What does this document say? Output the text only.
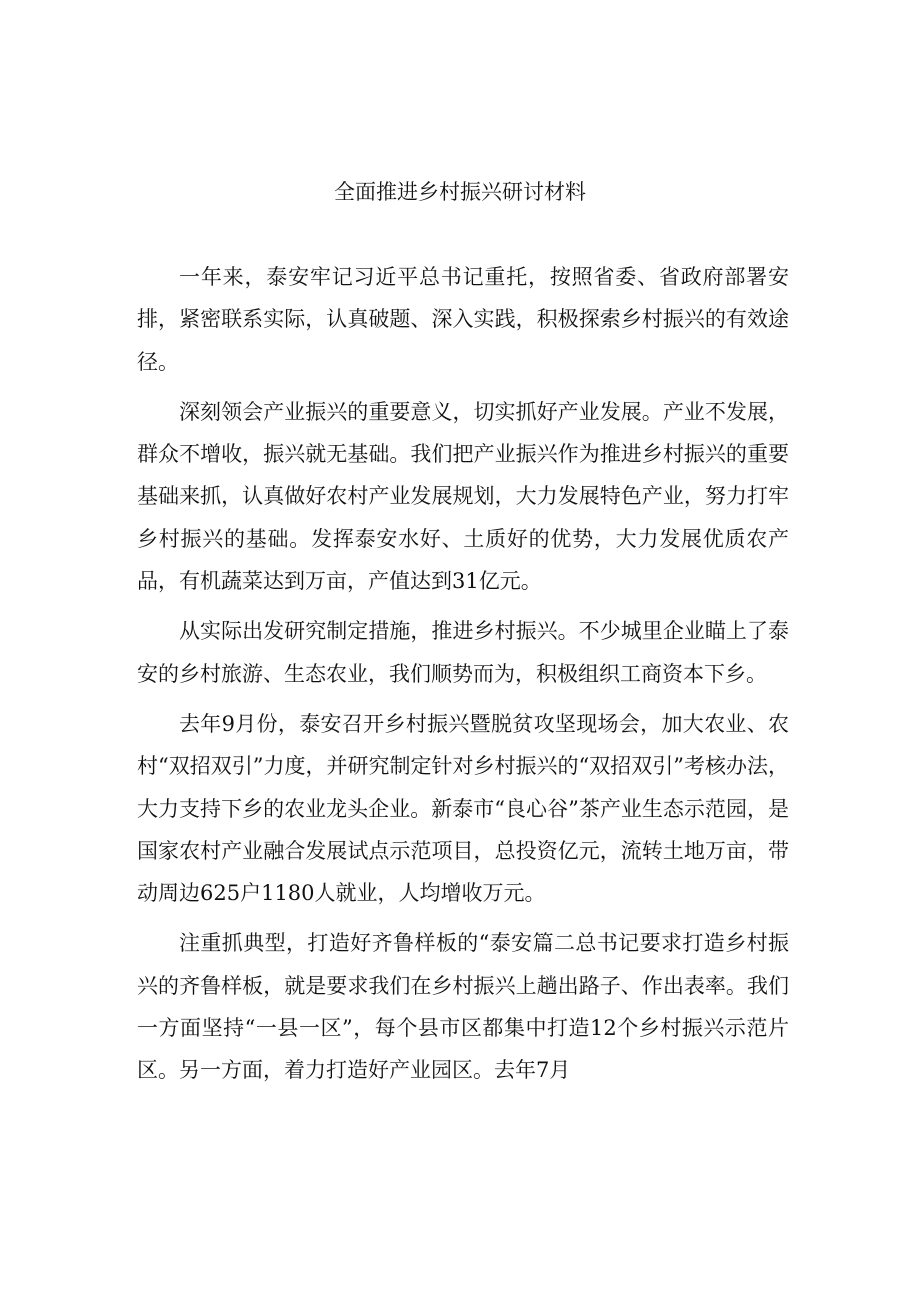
全面推进乡村振兴研讨材料

一年来，泰安牢记习近平总书记重托，按照省委、省政府部署安排，紧密联系实际，认真破题、深入实践，积极探索乡村振兴的有效途径。

深刻领会产业振兴的重要意义，切实抓好产业发展。产业不发展，群众不增收，振兴就无基础。我们把产业振兴作为推进乡村振兴的重要基础来抓，认真做好农村产业发展规划，大力发展特色产业，努力打牢乡村振兴的基础。发挥泰安水好、土质好的优势，大力发展优质农产品，有机蔬菜达到万亩，产值达到31亿元。

从实际出发研究制定措施，推进乡村振兴。不少城里企业瞄上了泰安的乡村旅游、生态农业，我们顺势而为，积极组织工商资本下乡。

去年9月份，泰安召开乡村振兴暨脱贫攻坚现场会，加大农业、农村“双招双引”力度，并研究制定针对乡村振兴的“双招双引”考核办法，大力支持下乡的农业龙头企业。新泰市“良心谷”茶产业生态示范园，是国家农村产业融合发展试点示范项目，总投资亿元，流转土地万亩，带动周边625户1180人就业，人均增收万元。

注重抓典型，打造好齐鲁样板的“泰安篇二总书记要求打造乡村振兴的齐鲁样板，就是要求我们在乡村振兴上趟出路子、作出表率。我们一方面坚持“一县一区”，每个县市区都集中打造12个乡村振兴示范片区。另一方面，着力打造好产业园区。去年7月
